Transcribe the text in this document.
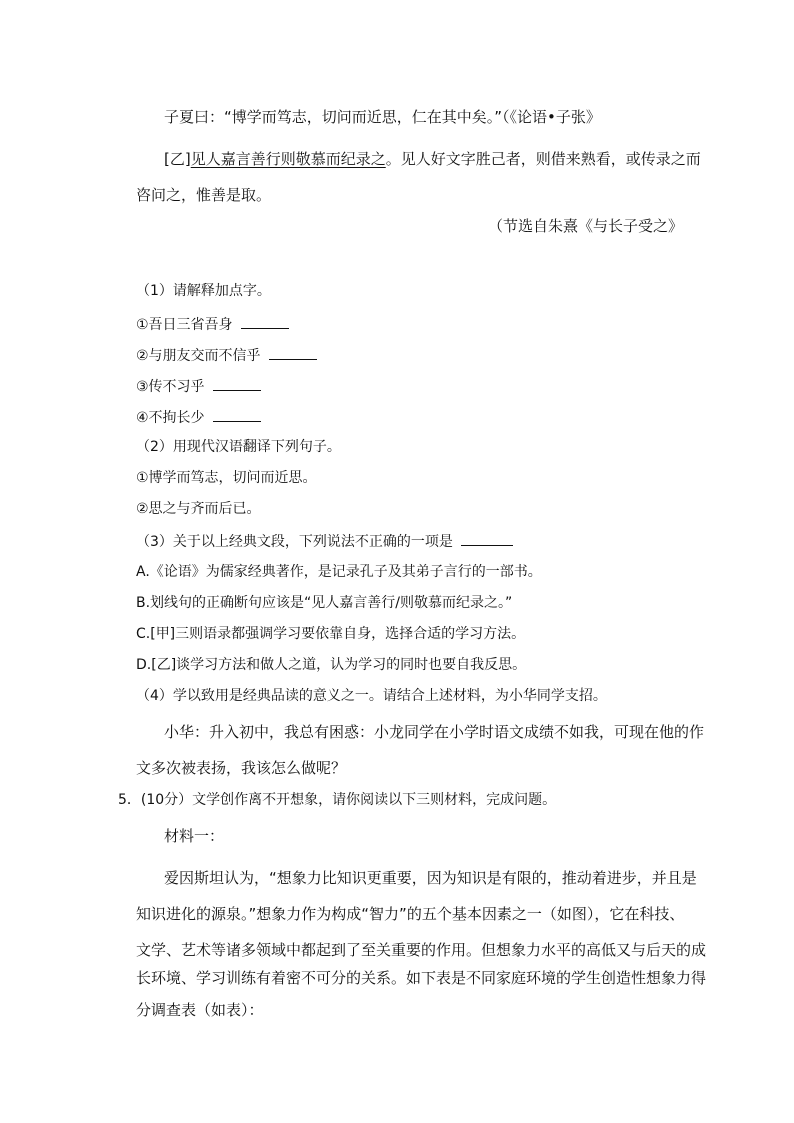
子夏曰：“博学而笃志，切问而近思，仁在其中矣。”（《论语•子张》
[乙]见人嘉言善行则敬慕而纪录之。见人好文字胜己者，则借来熟看，或传录之而
咨问之，惟善是取。
（节选自朱熹《与长子受之》
（1）请解释加点字。
①吾日三省吾身
②与朋友交而不信乎
③传不习乎
④不拘长少
（2）用现代汉语翻译下列句子。
①博学而笃志，切问而近思。
②思之与齐而后已。
（3）关于以上经典文段，下列说法不正确的一项是
A.《论语》为儒家经典著作，是记录孔子及其弟子言行的一部书。
B.划线句的正确断句应该是“见人嘉言善行/则敬慕而纪录之。”
C.[甲]三则语录都强调学习要依靠自身，选择合适的学习方法。
D.[乙]谈学习方法和做人之道，认为学习的同时也要自我反思。
（4）学以致用是经典品读的意义之一。请结合上述材料，为小华同学支招。
小华：升入初中，我总有困惑：小龙同学在小学时语文成绩不如我，可现在他的作
文多次被表扬，我该怎么做呢？
5．(10分）文学创作离不开想象，请你阅读以下三则材料，完成问题。
材料一：
爱因斯坦认为，“想象力比知识更重要，因为知识是有限的，推动着进步，并且是
知识进化的源泉。”想象力作为构成“智力”的五个基本因素之一（如图），它在科技、
文学、艺术等诸多领域中都起到了至关重要的作用。但想象力水平的高低又与后天的成
长环境、学习训练有着密不可分的关系。如下表是不同家庭环境的学生创造性想象力得
分调查表（如表）：
